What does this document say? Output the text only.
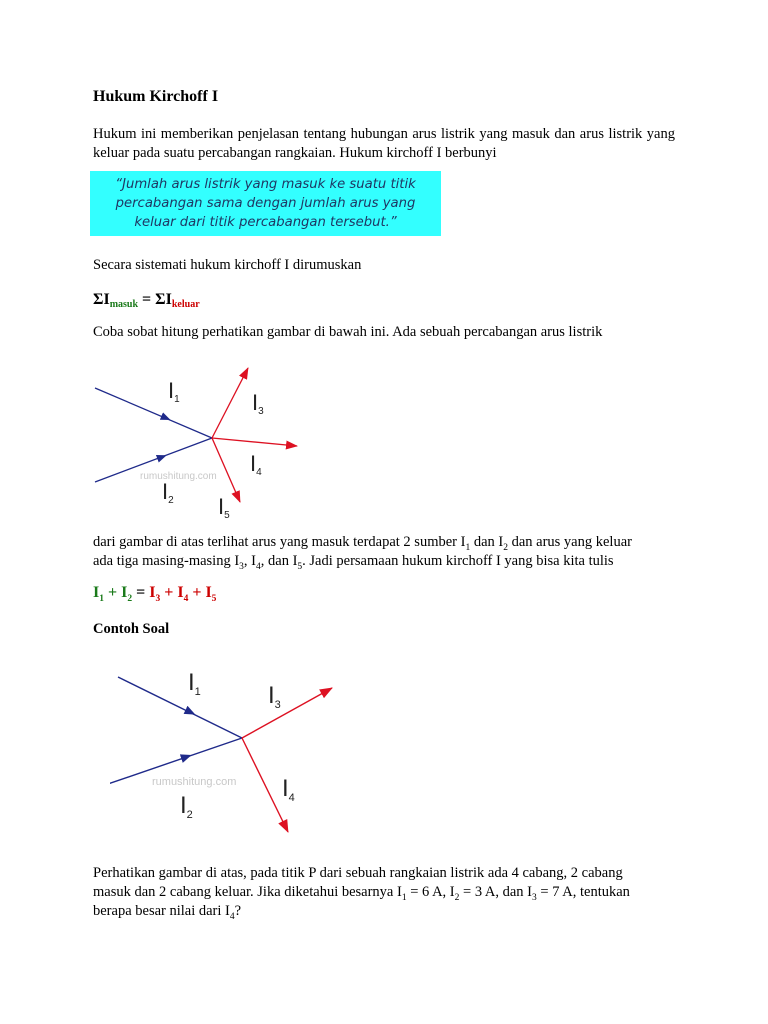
Hukum Kirchoff I
Hukum ini memberikan penjelasan tentang hubungan arus listrik yang masuk dan arus listrik yang keluar pada suatu percabangan rangkaian. Hukum kirchoff I berbunyi
“Jumlah arus listrik yang masuk ke suatu titik
percabangan sama dengan jumlah arus yang
keluar dari titik percabangan tersebut.”
Secara sistemati hukum kirchoff I dirumuskan
ΣImasuk = ΣIkeluar
Coba sobat hitung perhatikan gambar di bawah ini. Ada sebuah percabangan arus listrik
rumushitung.com
I1
I2
I3
I4
I5
dari gambar di atas terlihat arus yang masuk terdapat 2 sumber $I_1$ dan $I_2$ dan arus yang keluar
ada tiga masing-masing $I_3$, $I_4$, dan $I_5$. Jadi persamaan hukum kirchoff I yang bisa kita tulis
$I_1 + I_2 = I_3 + I_4 + I_5$
Contoh Soal
rumushitung.com
$I_1$
$I_2$
$I_3$
$I_4$
Perhatikan gambar di atas, pada titik P dari sebuah rangkaian listrik ada 4 cabang, 2 cabang
masuk dan 2 cabang keluar. Jika diketahui besarnya $I_1 = 6$ A, $I_2 = 3$ A, dan $I_3 = 7$ A, tentukan
berapa besar nilai dari $I_4$?
